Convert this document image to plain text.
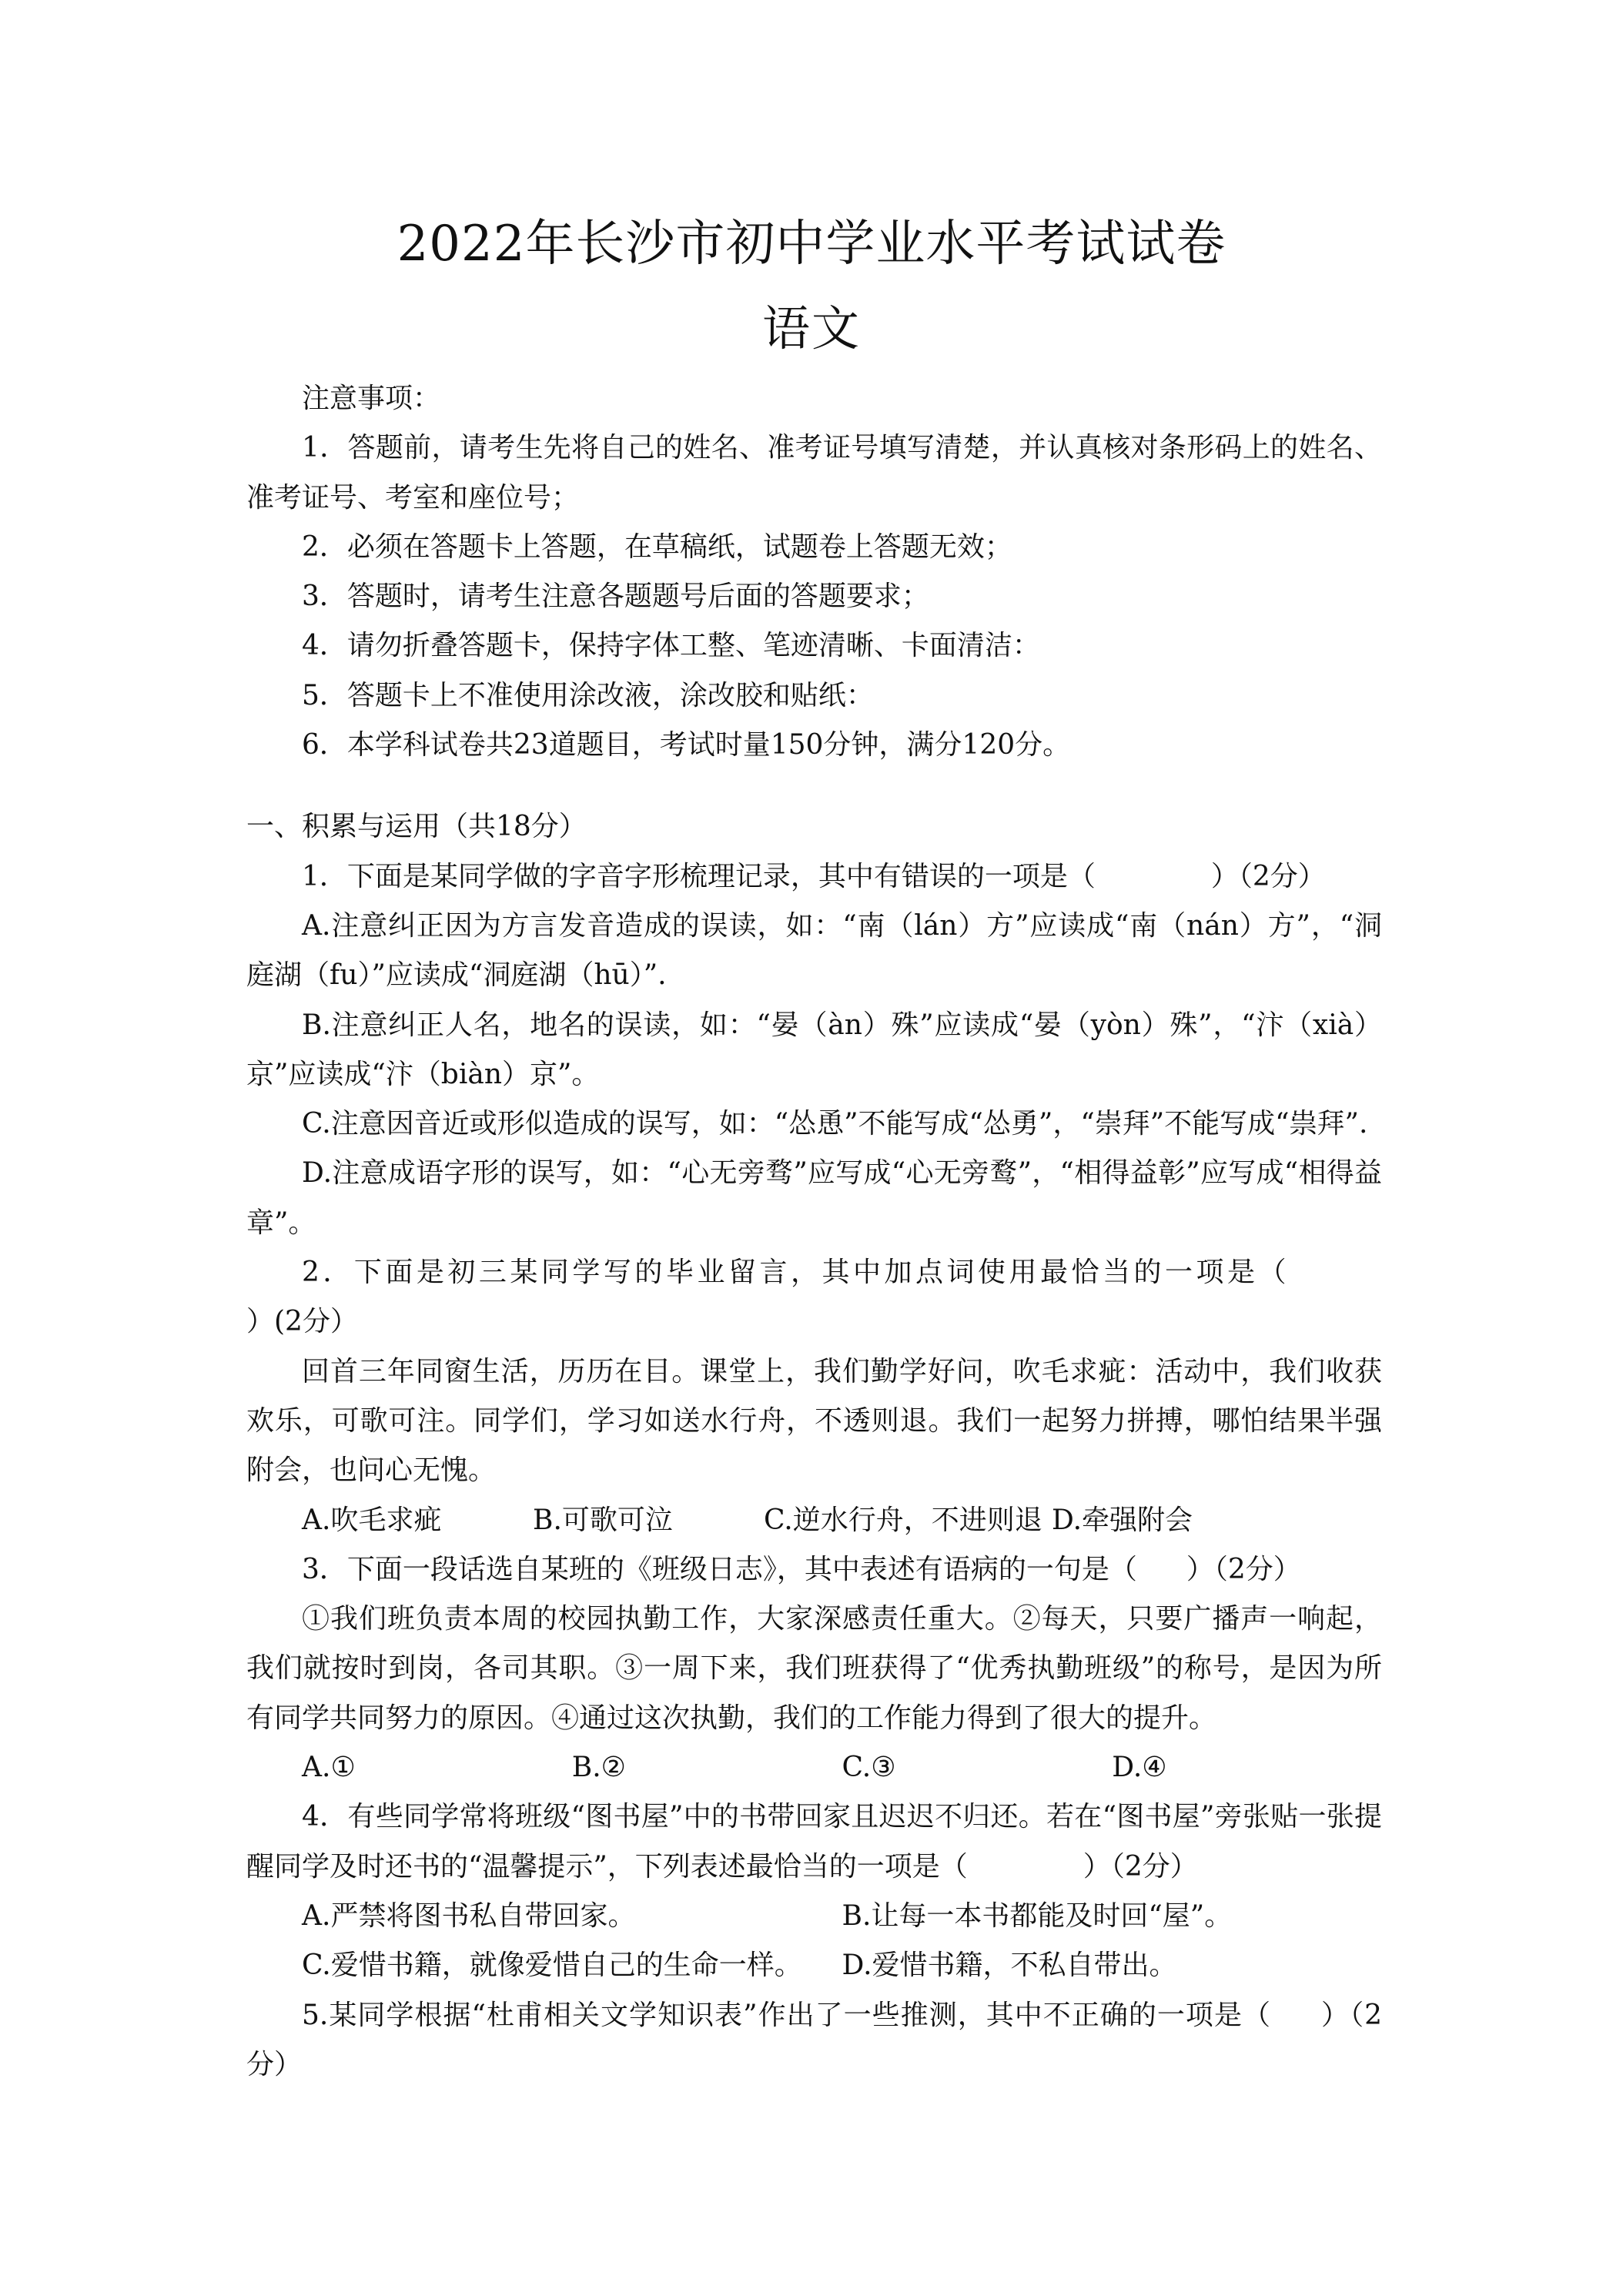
2022年长沙市初中学业水平考试试卷
语文

注意事项：

1．答题前，请考生先将自己的姓名、准考证号填写清楚，并认真核对条形码上的姓名、准考证号、考室和座位号；

2．必须在答题卡上答题，在草稿纸，试题卷上答题无效；

3．答题时，请考生注意各题题号后面的答题要求；

4．请勿折叠答题卡，保持字体工整、笔迹清晰、卡面清洁：

5．答题卡上不准使用涂改液，涂改胶和贴纸：

6．本学科试卷共23道题目，考试时量150分钟，满分120分。

一、积累与运用（共18分）

1．下面是某同学做的字音字形梳理记录，其中有错误的一项是（	）（2分）

A.注意纠正因为方言发音造成的误读，如：“南（lán）方”应读成“南（nán）方”，“洞庭湖（fu）”应读成“洞庭湖（hū）”.

B.注意纠正人名，地名的误读，如：“晏（àn）殊”应读成“晏（yòn）殊”，“汴（xià）京”应读成“汴（biàn）京”。

C.注意因音近或形似造成的误写，如：“怂恿”不能写成“怂勇”，“崇拜”不能写成“祟拜”.

D.注意成语字形的误写，如：“心无旁骛”应写成“心无旁鹜”，“相得益彰”应写成“相得益章”。

2．下面是初三某同学写的毕业留言，其中加点词使用最恰当的一项是（）(2分）

回首三年同窗生活，历历在目。课堂上，我们勤学好问，吹毛求疵：活动中，我们收获欢乐，可歌可注。同学们，学习如送水行舟，不透则退。我们一起努力拼搏，哪怕结果半强附会，也问心无愧。

A.吹毛求疵	B.可歌可泣	C.逆水行舟，不进则退 D.牵强附会

3．下面一段话选自某班的《班级日志》，其中表述有语病的一句是（ ）（2分）

①我们班负责本周的校园执勤工作，大家深感责任重大。②每天，只要广播声一响起，我们就按时到岗，各司其职。③一周下来，我们班获得了“优秀执勤班级”的称号，是因为所有同学共同努力的原因。④通过这次执勤，我们的工作能力得到了很大的提升。

A.①	B.②	C.③	D.④

4．有些同学常将班级“图书屋”中的书带回家且迟迟不归还。若在“图书屋”旁张贴一张提醒同学及时还书的“温馨提示”，下列表述最恰当的一项是（	）（2分）

A.严禁将图书私自带回家。	B.让每一本书都能及时回“屋”。
C.爱惜书籍，就像爱惜自己的生命一样。	D.爱惜书籍，不私自带出。

5.某同学根据“杜甫相关文学知识表”作出了一些推测，其中不正确的一项是（ ）（2分）
